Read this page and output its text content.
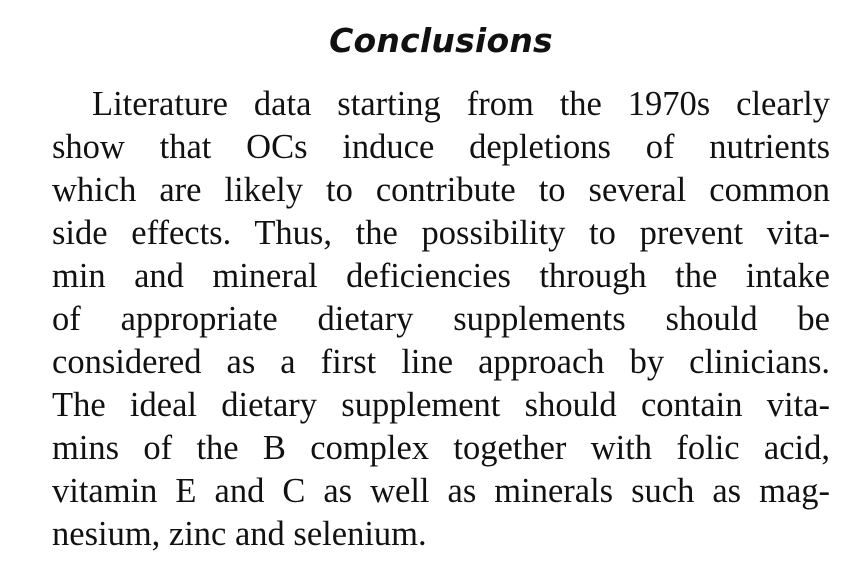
Conclusions

Literature data starting from the 1970s clearly
show that OCs induce depletions of nutrients
which are likely to contribute to several common
side effects. Thus, the possibility to prevent vita-
min and mineral deficiencies through the intake
of appropriate dietary supplements should be
considered as a first line approach by clinicians.
The ideal dietary supplement should contain vita-
mins of the B complex together with folic acid,
vitamin E and C as well as minerals such as mag-
nesium, zinc and selenium.
